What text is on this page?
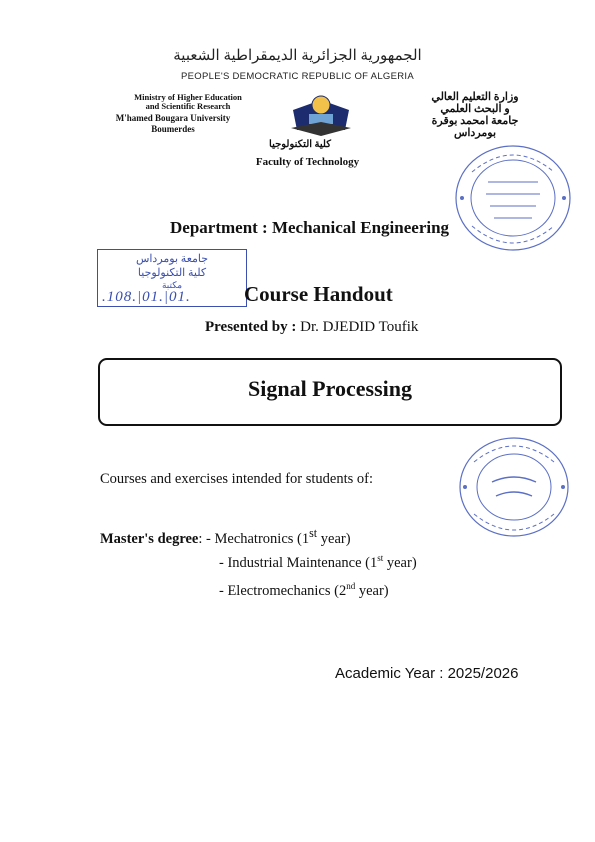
الجمهورية الجزائرية الديمقراطية الشعبية
PEOPLE'S DEMOCRATIC REPUBLIC OF ALGERIA
Ministry of Higher Education
and Scientific Research
M'hamed Bougara University
Boumerdes
وزارة التعليم العالي
و البحث العلمي
جامعة امحمد بوقرة
بومرداس
كلية التكنولوجيا
Faculty of Technology
Department : Mechanical Engineering
جامعة بومرداس
كلية التكنولوجيا
مكتبة
.108.|01.|01.	Course Handout
Presented by : Dr. DJEDID Toufik
Signal Processing
Courses and exercises intended for students of:
Master's degree: - Mechatronics (1st year)
- Industrial Maintenance (1st year)
- Electromechanics (2nd year)
Academic Year : 2025/2026
